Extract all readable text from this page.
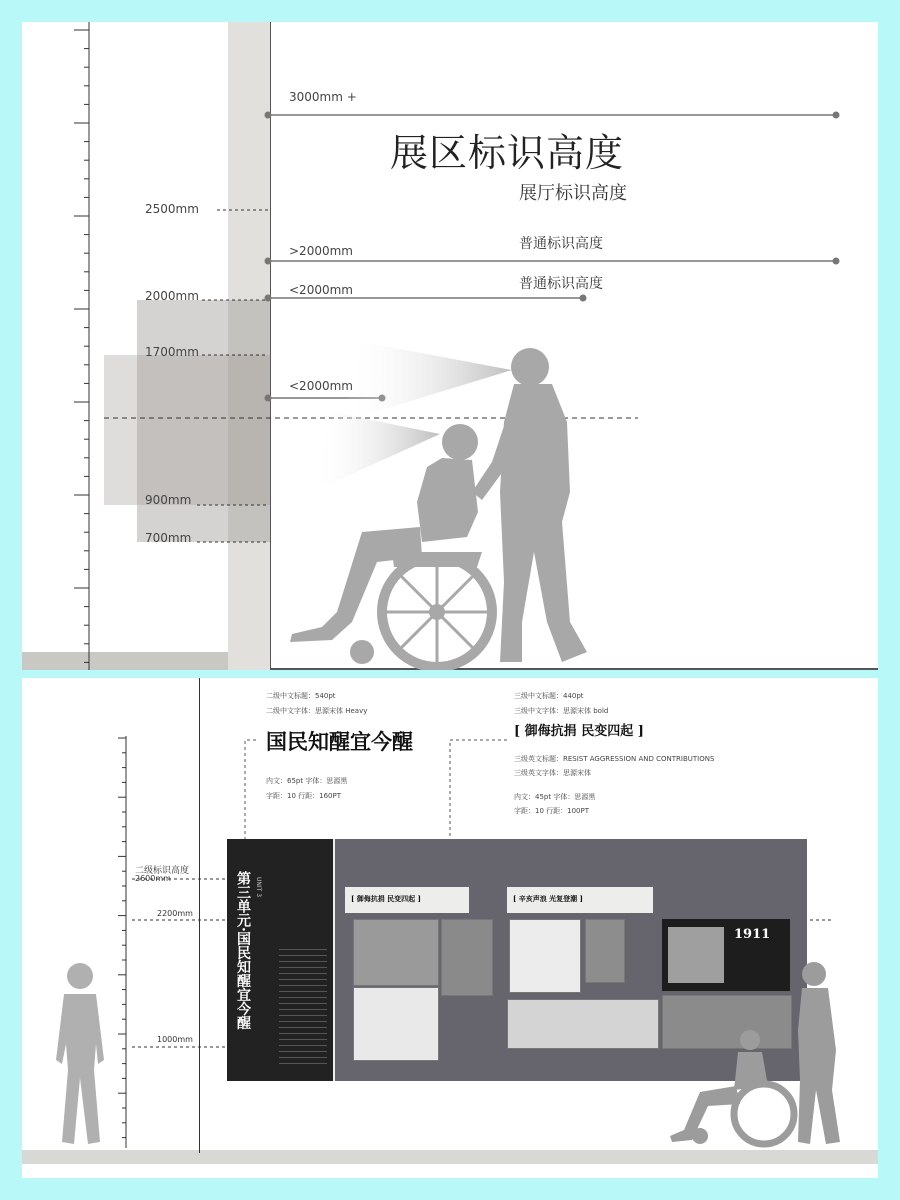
3000mm +
展区标识高度
展厅标识高度
2500mm
普通标识高度
>2000mm
普通标识高度
<2000mm
2000mm
1700mm
<2000mm
900mm
700mm
二级中文标题：540pt
二级中文字体：思源宋体 Heavy
国民知醒宜今醒
内文：65pt 字体：思源黑
字距：10 行距：160PT
三级中文标题：440pt
三级中文字体：思源宋体 bold
[ 御侮抗捐 民变四起 ]
三级英文标题：RESIST AGGRESSION AND CONTRIBUTIONS
三级英文字体：思源宋体
内文：45pt 字体：思源黑
字距：10 行距：100PT
二级标识高度
2600mm
2200mm
1000mm
第三单元·国民知醒宜今醒 UNIT 3
[ 御侮抗捐 民变四起 ]	[ 辛亥声浪 光复登潮 ]
1911
